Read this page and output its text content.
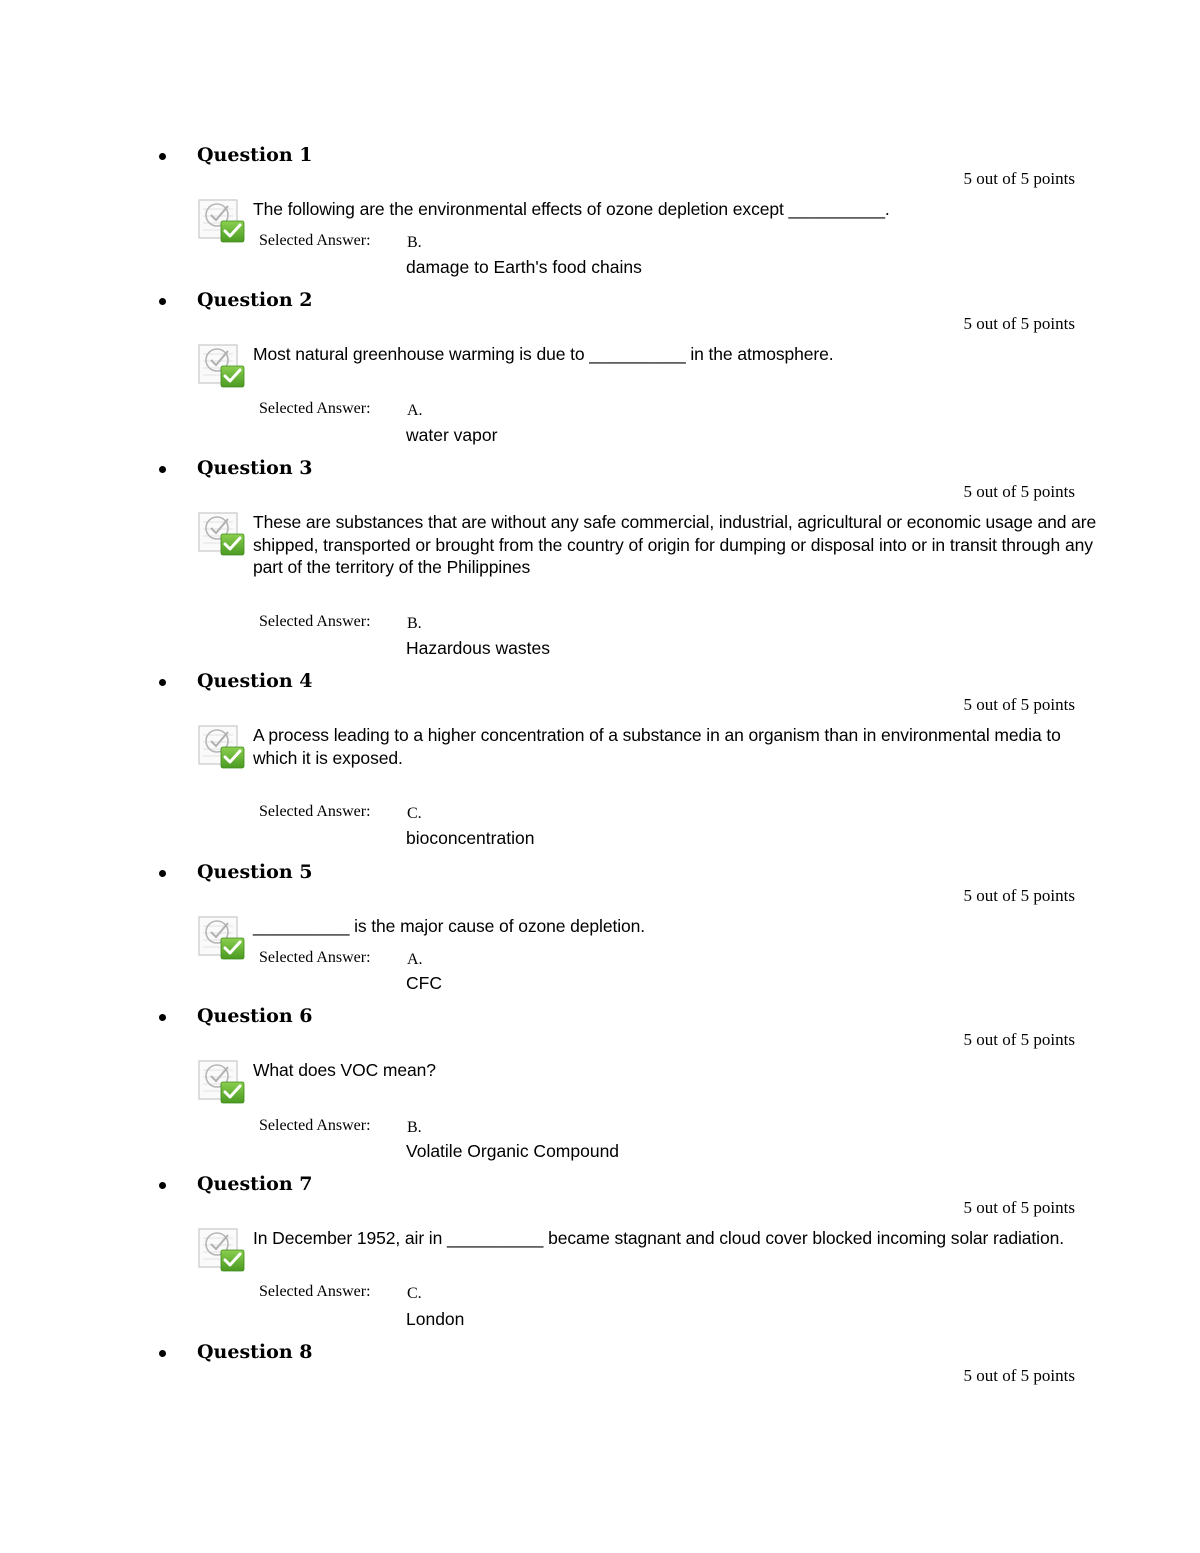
Question 1
5 out of 5 points
The following are the environmental effects of ozone depletion except __________.
Selected Answer: B.
damage to Earth's food chains
Question 2
5 out of 5 points
Most natural greenhouse warming is due to __________ in the atmosphere.
Selected Answer: A.
water vapor
Question 3
5 out of 5 points
These are substances that are without any safe commercial, industrial, agricultural or economic usage and are shipped, transported or brought from the country of origin for dumping or disposal into or in transit through any part of the territory of the Philippines
Selected Answer: B.
Hazardous wastes
Question 4
5 out of 5 points
A process leading to a higher concentration of a substance in an organism than in environmental media to which it is exposed.
Selected Answer: C.
bioconcentration
Question 5
5 out of 5 points
__________ is the major cause of ozone depletion.
Selected Answer: A.
CFC
Question 6
5 out of 5 points
What does VOC mean?
Selected Answer: B.
Volatile Organic Compound
Question 7
5 out of 5 points
In December 1952, air in __________ became stagnant and cloud cover blocked incoming solar radiation.
Selected Answer: C.
London
Question 8
5 out of 5 points
